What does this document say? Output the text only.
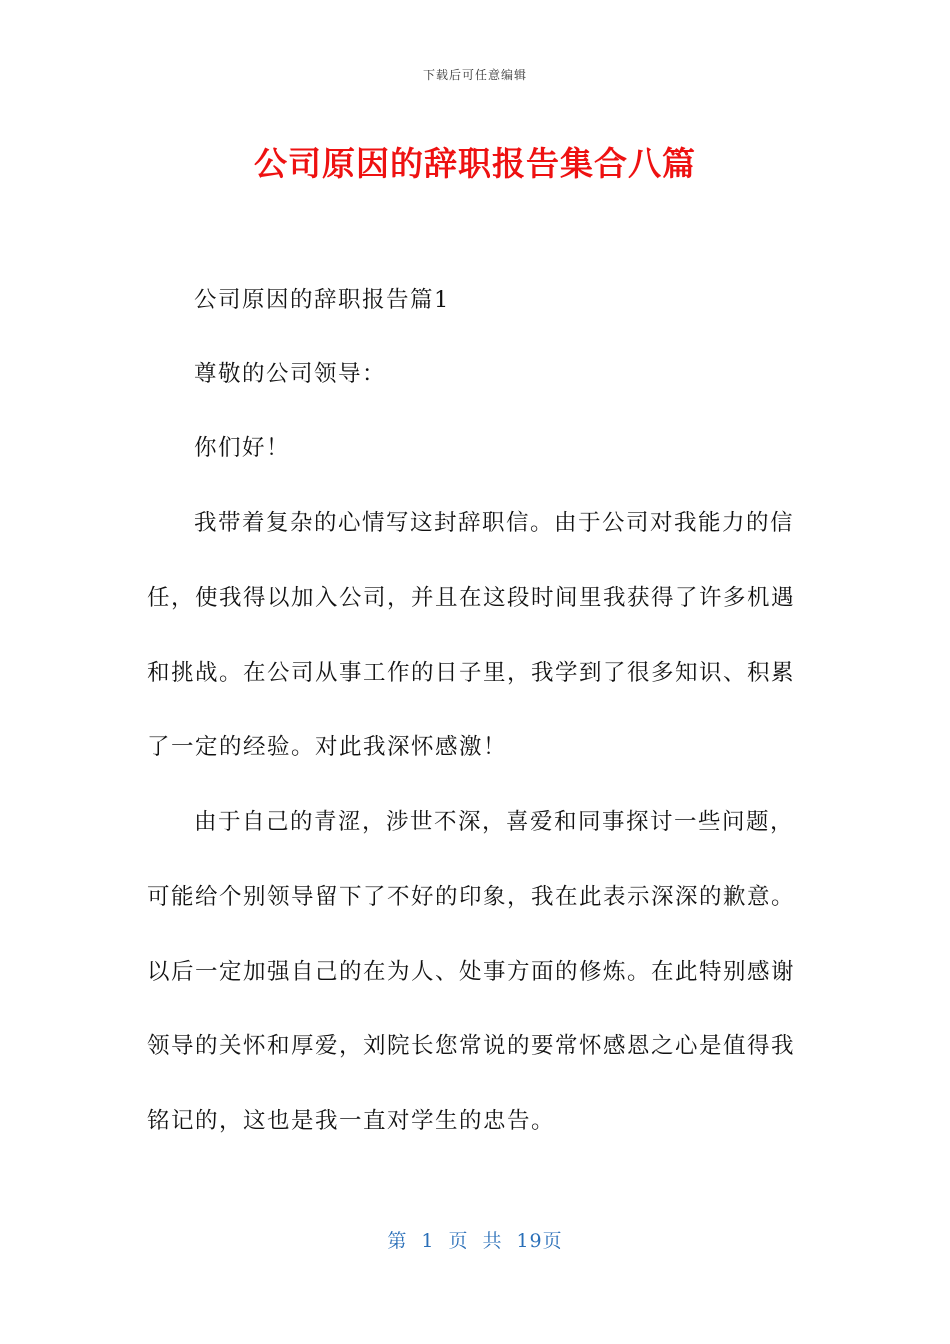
下载后可任意编辑
公司原因的辞职报告集合八篇
公司原因的辞职报告篇1
尊敬的公司领导：
你们好！
我带着复杂的心情写这封辞职信。由于公司对我能力的信
任，使我得以加入公司，并且在这段时间里我获得了许多机遇
和挑战。在公司从事工作的日子里，我学到了很多知识、积累
了一定的经验。对此我深怀感激！
由于自己的青涩，涉世不深，喜爱和同事探讨一些问题，
可能给个别领导留下了不好的印象，我在此表示深深的歉意。
以后一定加强自己的在为人、处事方面的修炼。在此特别感谢
领导的关怀和厚爱，刘院长您常说的要常怀感恩之心是值得我
铭记的，这也是我一直对学生的忠告。
第 1 页 共 19页
